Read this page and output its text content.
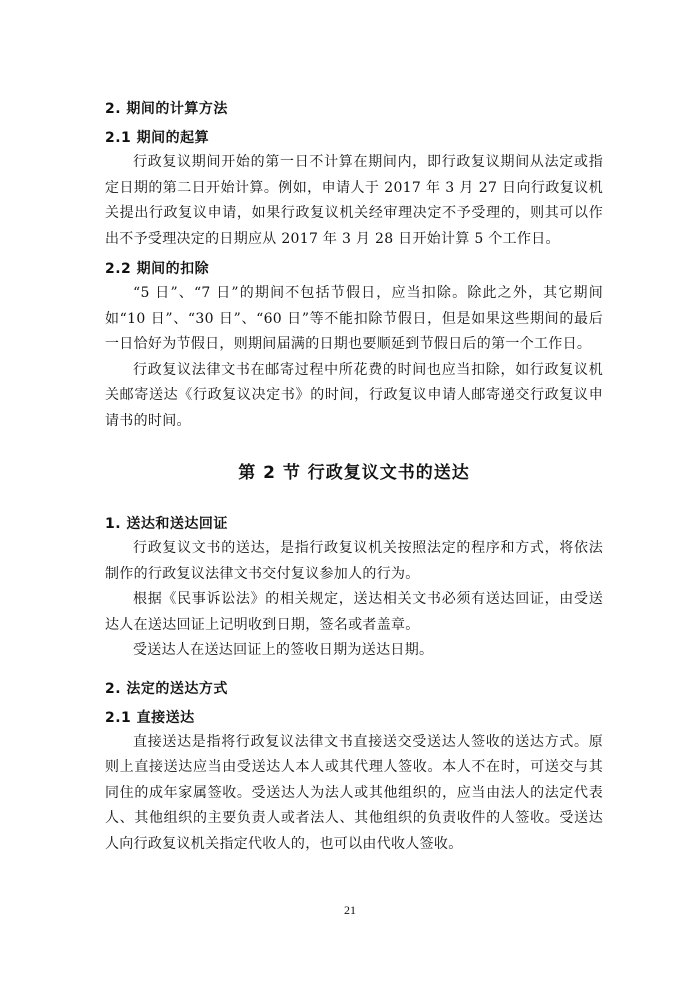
2. 期间的计算方法
2.1 期间的起算

行政复议期间开始的第一日不计算在期间内，即行政复议期间从法定或指定日期的第二日开始计算。例如，申请人于 2017 年 3 月 27 日向行政复议机关提出行政复议申请，如果行政复议机关经审理决定不予受理的，则其可以作出不予受理决定的日期应从 2017 年 3 月 28 日开始计算 5 个工作日。

2.2 期间的扣除

“5 日”、“7 日”的期间不包括节假日，应当扣除。除此之外，其它期间如“10 日”、“30 日”、“60 日”等不能扣除节假日，但是如果这些期间的最后一日恰好为节假日，则期间届满的日期也要顺延到节假日后的第一个工作日。

行政复议法律文书在邮寄过程中所花费的时间也应当扣除，如行政复议机关邮寄送达《行政复议决定书》的时间，行政复议申请人邮寄递交行政复议申请书的时间。

第 2 节 行政复议文书的送达
1. 送达和送达回证

行政复议文书的送达，是指行政复议机关按照法定的程序和方式，将依法制作的行政复议法律文书交付复议参加人的行为。

根据《民事诉讼法》的相关规定，送达相关文书必须有送达回证，由受送达人在送达回证上记明收到日期，签名或者盖章。

受送达人在送达回证上的签收日期为送达日期。

2. 法定的送达方式
2.1 直接送达

直接送达是指将行政复议法律文书直接送交受送达人签收的送达方式。原则上直接送达应当由受送达人本人或其代理人签收。本人不在时，可送交与其同住的成年家属签收。受送达人为法人或其他组织的，应当由法人的法定代表人、其他组织的主要负责人或者法人、其他组织的负责收件的人签收。受送达人向行政复议机关指定代收人的，也可以由代收人签收。

21
